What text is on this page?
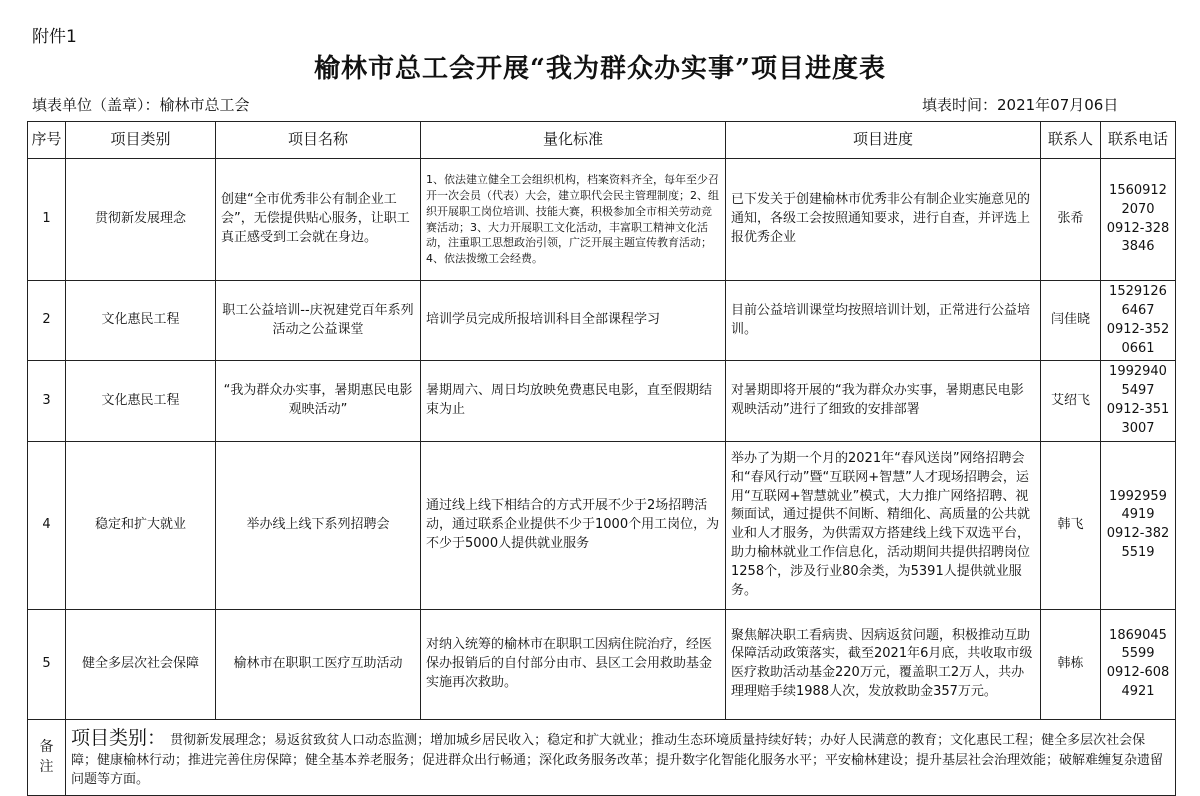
附件1
榆林市总工会开展“我为群众办实事”项目进度表
填表单位（盖章）：榆林市总工会	填表时间：2021年07月06日
序号	项目类别	项目名称	量化标准	项目进度	联系人	联系电话
1	贯彻新发展理念	创建“全市优秀非公有制企业工会”，无偿提供贴心服务，让职工真正感受到工会就在身边。	1、依法建立健全工会组织机构，档案资料齐全，每年至少召开一次会员（代表）大会，建立职代会民主管理制度；2、组织开展职工岗位培训、技能大赛，积极参加全市相关劳动竞赛活动；3、大力开展职工文化活动，丰富职工精神文化活动，注重职工思想政治引领，广泛开展主题宣传教育活动；4、依法拨缴工会经费。	已下发关于创建榆林市优秀非公有制企业实施意见的通知，各级工会按照通知要求，进行自查，并评选上报优秀企业	张希	15609122070
0912-3283846

2	文化惠民工程	职工公益培训--庆祝建党百年系列活动之公益课堂	培训学员完成所报培训科目全部课程学习	目前公益培训课堂均按照培训计划，正常进行公益培训。	闫佳晓	15291266467
0912-3520661

3	文化惠民工程	“我为群众办实事，暑期惠民电影观映活动”	暑期周六、周日均放映免费惠民电影，直至假期结束为止	对暑期即将开展的“我为群众办实事，暑期惠民电影观映活动”进行了细致的安排部署	艾绍飞	19929405497
0912-3513007

4	稳定和扩大就业	举办线上线下系列招聘会	通过线上线下相结合的方式开展不少于2场招聘活动，通过联系企业提供不少于1000个用工岗位，为不少于5000人提供就业服务	举办了为期一个月的2021年“春风送岗”网络招聘会和“春风行动”暨“互联网+智慧”人才现场招聘会，运用“互联网+智慧就业”模式，大力推广网络招聘、视频面试，通过提供不间断、精细化、高质量的公共就业和人才服务，为供需双方搭建线上线下双选平台，助力榆林就业工作信息化，活动期间共提供招聘岗位1258个，涉及行业80余类，为5391人提供就业服务。	韩飞	19929594919
0912-3825519

5	健全多层次社会保障	榆林市在职职工医疗互助活动	对纳入统筹的榆林市在职职工因病住院治疗，经医保办报销后的自付部分由市、县区工会用救助基金实施再次救助。	聚焦解决职工看病贵、因病返贫问题，积极推动互助保障活动政策落实，截至2021年6月底，共收取市级医疗救助活动基金220万元，覆盖职工2万人，共办理理赔手续1988人次，发放救助金357万元。	韩栋	18690455599
0912-6084921

备注	项目类别： 贯彻新发展理念；易返贫致贫人口动态监测；增加城乡居民收入；稳定和扩大就业；推动生态环境质量持续好转；办好人民满意的教育；文化惠民工程；健全多层次社会保障；健康榆林行动；推进完善住房保障；健全基本养老服务；促进群众出行畅通；深化政务服务改革；提升数字化智能化服务水平；平安榆林建设；提升基层社会治理效能；破解难缠复杂遗留问题等方面。					
